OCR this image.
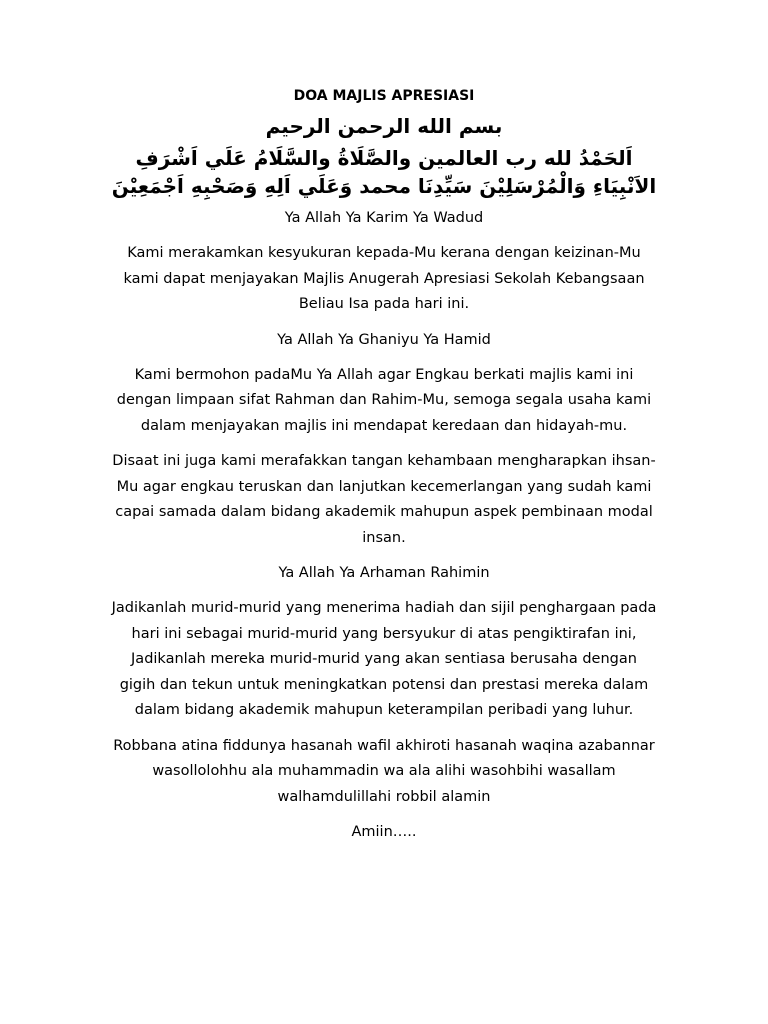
DOA MAJLIS APRESIASI
بسم الله الرحمن الرحيم
اَلحَمْدُ لله رب العالمين والصَّلَاةُ والسَّلَامُ عَلَي اَشْرَفِ
الاَنْبِيَاءِ وَالْمُرْسَلِيْنَ سَيِّدِنَا محمد وَعَلَي اَلِهِ وَصَحْبِهِ اَجْمَعِيْنَ
Ya Allah Ya Karim Ya Wadud
Kami merakamkan kesyukuran kepada-Mu kerana dengan keizinan-Mu
kami dapat menjayakan Majlis Anugerah Apresiasi Sekolah Kebangsaan
Beliau Isa pada hari ini.
Ya Allah Ya Ghaniyu Ya Hamid
Kami bermohon padaMu Ya Allah agar Engkau berkati majlis kami ini
dengan limpaan sifat Rahman dan Rahim-Mu, semoga segala usaha kami
dalam menjayakan majlis ini mendapat keredaan dan hidayah-mu.
Disaat ini juga kami merafakkan tangan kehambaan mengharapkan ihsan-
Mu agar engkau teruskan dan lanjutkan kecemerlangan yang sudah kami
capai samada dalam bidang akademik mahupun aspek pembinaan modal
insan.
Ya Allah Ya Arhaman Rahimin
Jadikanlah murid-murid yang menerima hadiah dan sijil penghargaan pada
hari ini sebagai murid-murid yang bersyukur di atas pengiktirafan ini,
Jadikanlah mereka murid-murid yang akan sentiasa berusaha dengan
gigih dan tekun untuk meningkatkan potensi dan prestasi mereka dalam
dalam bidang akademik mahupun keterampilan peribadi yang luhur.
Robbana atina fiddunya hasanah wafil akhiroti hasanah waqina azabannar
wasollolohhu ala muhammadin wa ala alihi wasohbihi wasallam
walhamdulillahi robbil alamin
Amiin…..
